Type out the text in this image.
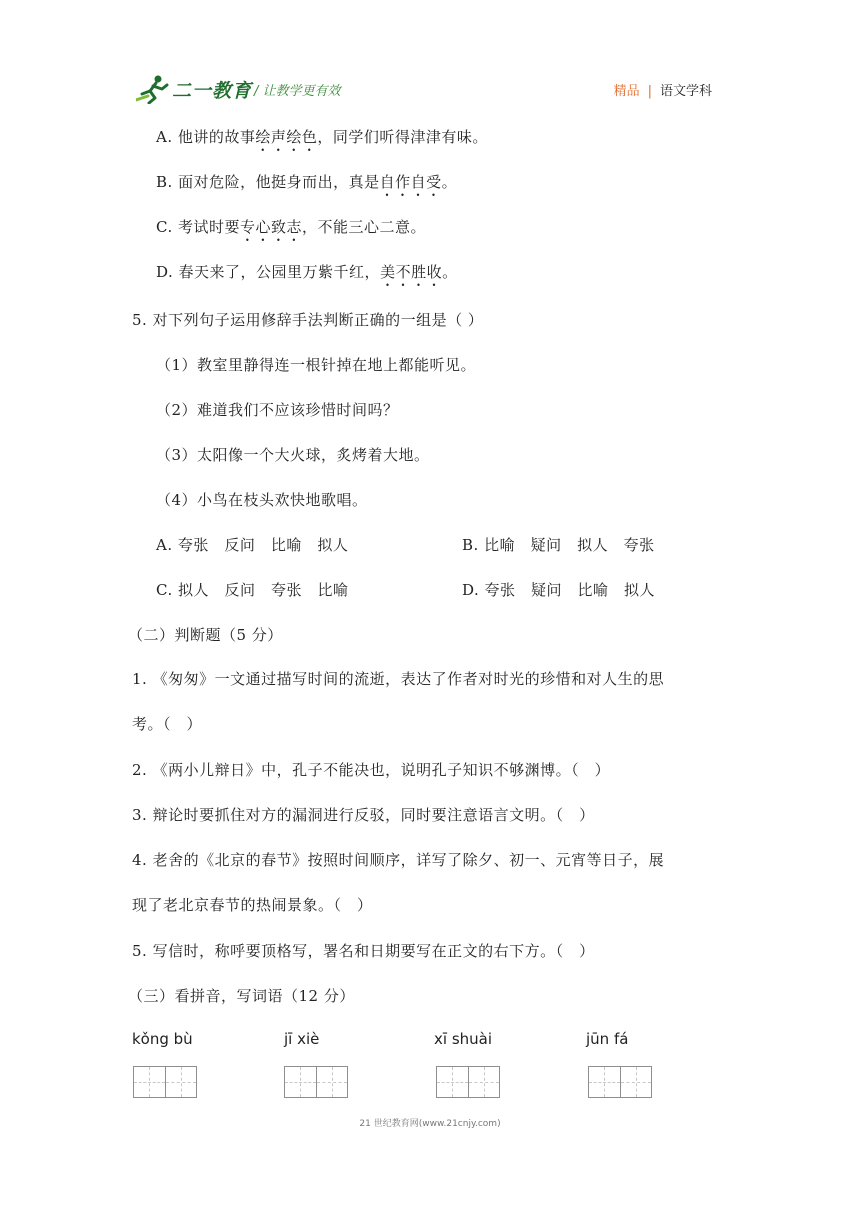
二一教育 / 让教学更有效	精品 | 语文学科
A. 他讲的故事绘声绘色，同学们听得津津有味。
B. 面对危险，他挺身而出，真是自作自受。
C. 考试时要专心致志，不能三心二意。
D. 春天来了，公园里万紫千红，美不胜收。
5. 对下列句子运用修辞手法判断正确的一组是（ ）
（1）教室里静得连一根针掉在地上都能听见。
（2）难道我们不应该珍惜时间吗？
（3）太阳像一个大火球，炙烤着大地。
（4）小鸟在枝头欢快地歌唱。
A. 夸张　反问　比喻　拟人	B. 比喻　疑问　拟人　夸张
C. 拟人　反问　夸张　比喻	D. 夸张　疑问　比喻　拟人
（二）判断题（5 分）
1. 《匆匆》一文通过描写时间的流逝，表达了作者对时光的珍惜和对人生的思
考。（　）
2. 《两小儿辩日》中，孔子不能决也，说明孔子知识不够渊博。（　）
3. 辩论时要抓住对方的漏洞进行反驳，同时要注意语言文明。（　）
4. 老舍的《北京的春节》按照时间顺序，详写了除夕、初一、元宵等日子，展
现了老北京春节的热闹景象。（　）
5. 写信时，称呼要顶格写，署名和日期要写在正文的右下方。（　）
（三）看拼音，写词语（12 分）
kǒng bù	jī xiè	xī shuài	jūn fá
21 世纪教育网(www.21cnjy.com)
